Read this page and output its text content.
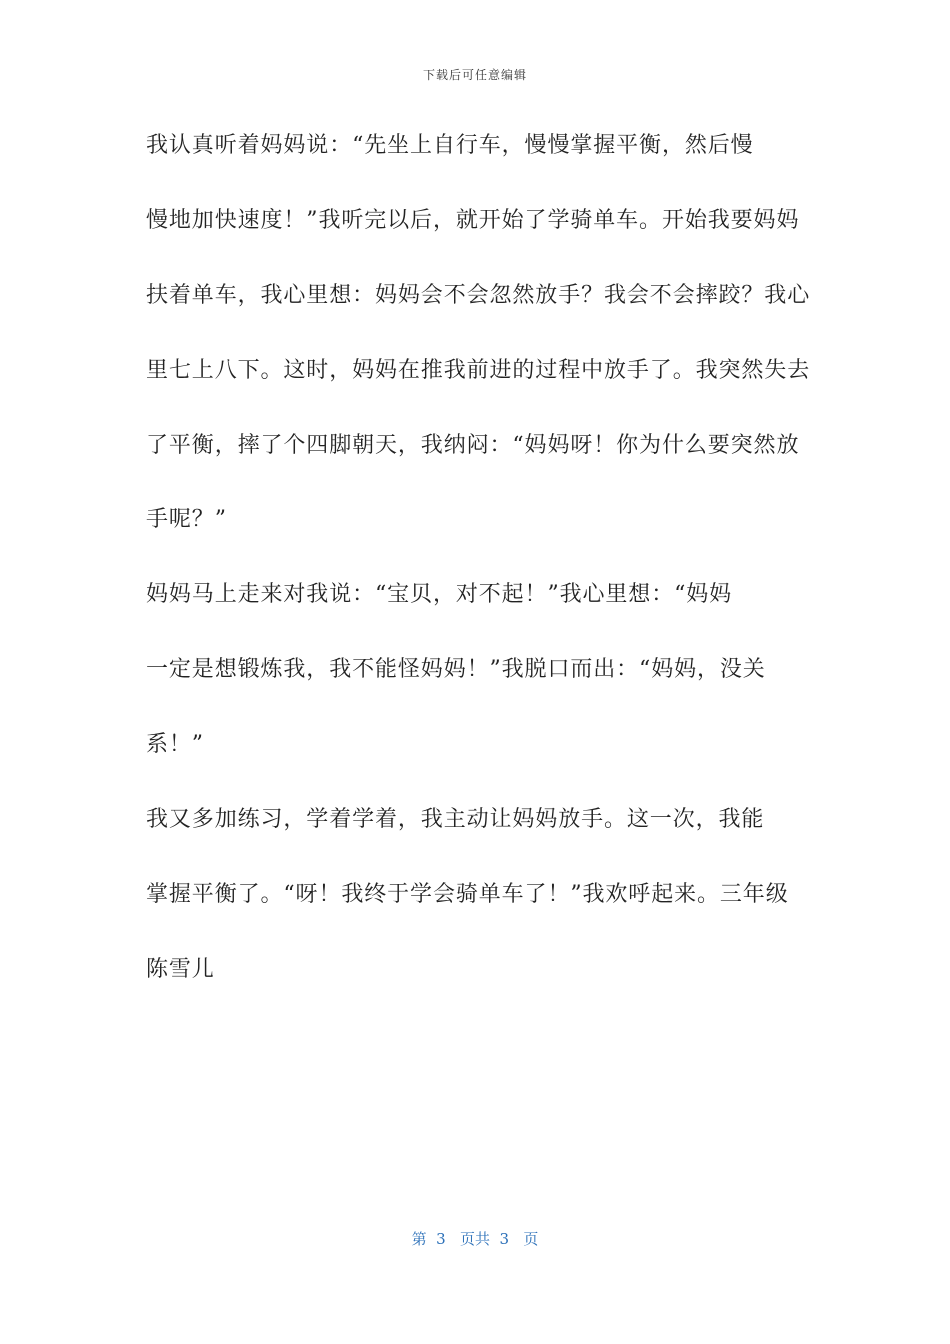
下载后可任意编辑
我认真听着妈妈说：“先坐上自行车，慢慢掌握平衡，然后慢
慢地加快速度！”我听完以后，就开始了学骑单车。开始我要妈妈
扶着单车，我心里想：妈妈会不会忽然放手？我会不会摔跤？我心
里七上八下。这时，妈妈在推我前进的过程中放手了。我突然失去
了平衡，摔了个四脚朝天，我纳闷：“妈妈呀！你为什么要突然放
手呢？”
妈妈马上走来对我说：“宝贝，对不起！”我心里想：“妈妈
一定是想锻炼我，我不能怪妈妈！”我脱口而出：“妈妈，没关
系！”
我又多加练习，学着学着，我主动让妈妈放手。这一次，我能
掌握平衡了。“呀！我终于学会骑单车了！”我欢呼起来。三年级
陈雪儿
第  3   页共  3   页
